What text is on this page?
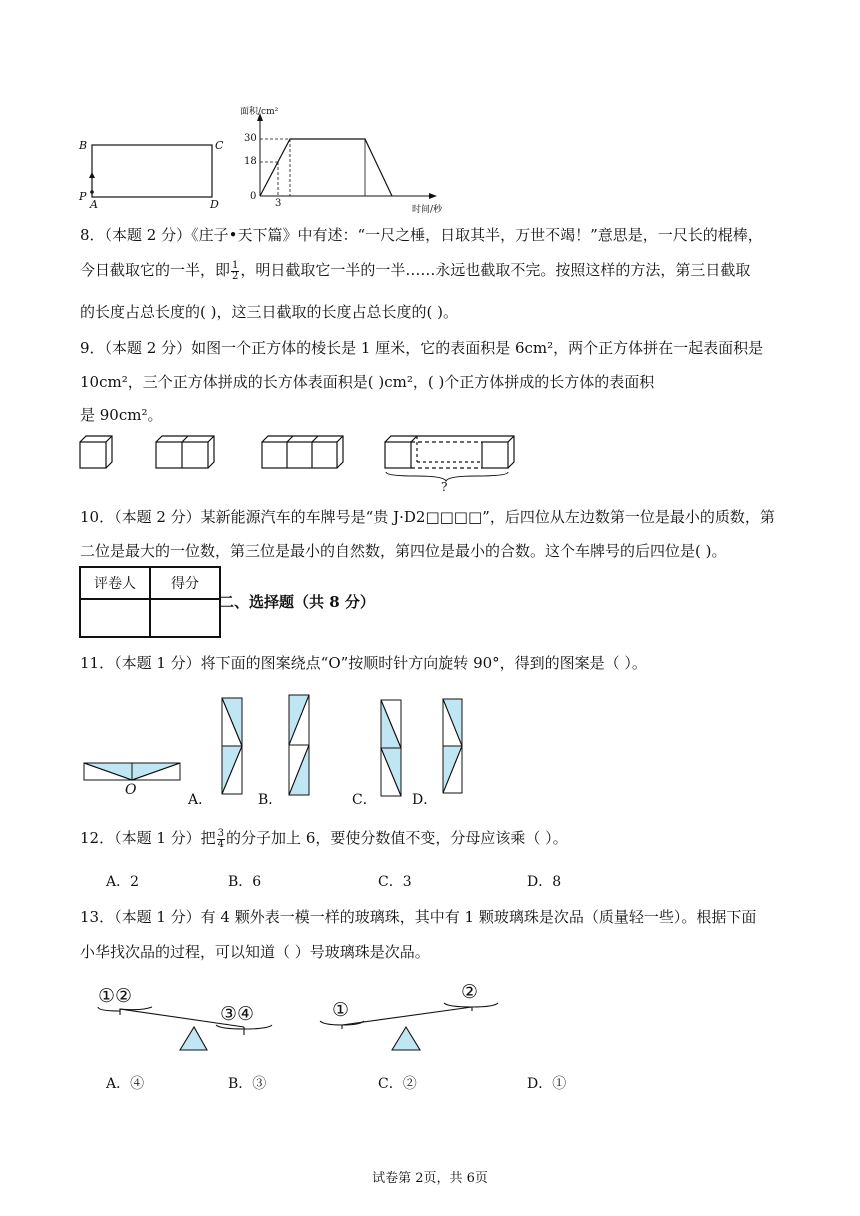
B	C
P
A	D
面积/cm²
30
18
0
3
时间/秒
8．（本题 2 分）《庄子•天下篇》中有述：“一尺之棰，日取其半，万世不竭！”意思是，一尺长的棍棒，
今日截取它的一半，即 $\frac{1}{2}$ ，明日截取它一半的一半……永远也截取不完。按照这样的方法，第三日截取
的长度占总长度的( )，这三日截取的长度占总长度的( )。
9．（本题 2 分）如图一个正方体的棱长是 1 厘米，它的表面积是 6cm²，两个正方体拼在一起表面积是
10cm²，三个正方体拼成的长方体表面积是( )cm²，( )个正方体拼成的长方体的表面积
是 90cm²。
?
10．（本题 2 分）某新能源汽车的车牌号是“贵 J·D2□□□□”，后四位从左边数第一位是最小的质数，第
二位是最大的一位数，第三位是最小的自然数，第四位是最小的合数。这个车牌号的后四位是( )。
评卷人	得分

二、选择题（共 8 分）
11．（本题 1 分）将下面的图案绕点“O”按顺时针方向旋转 90°，得到的图案是（ ）。
O
A．	B．	C．	D．
12．（本题 1 分）把 $\frac{3}{4}$ 的分子加上 6，要使分数值不变，分母应该乘（ ）。
A．2	B．6	C．3	D．8
13．（本题 1 分）有 4 颗外表一模一样的玻璃珠，其中有 1 颗玻璃珠是次品（质量轻一些）。根据下面
小华找次品的过程，可以知道（ ）号玻璃珠是次品。
①②
③④	①
②
A．④	B．③	C．②	D．①
试卷第 2页，共 6页
